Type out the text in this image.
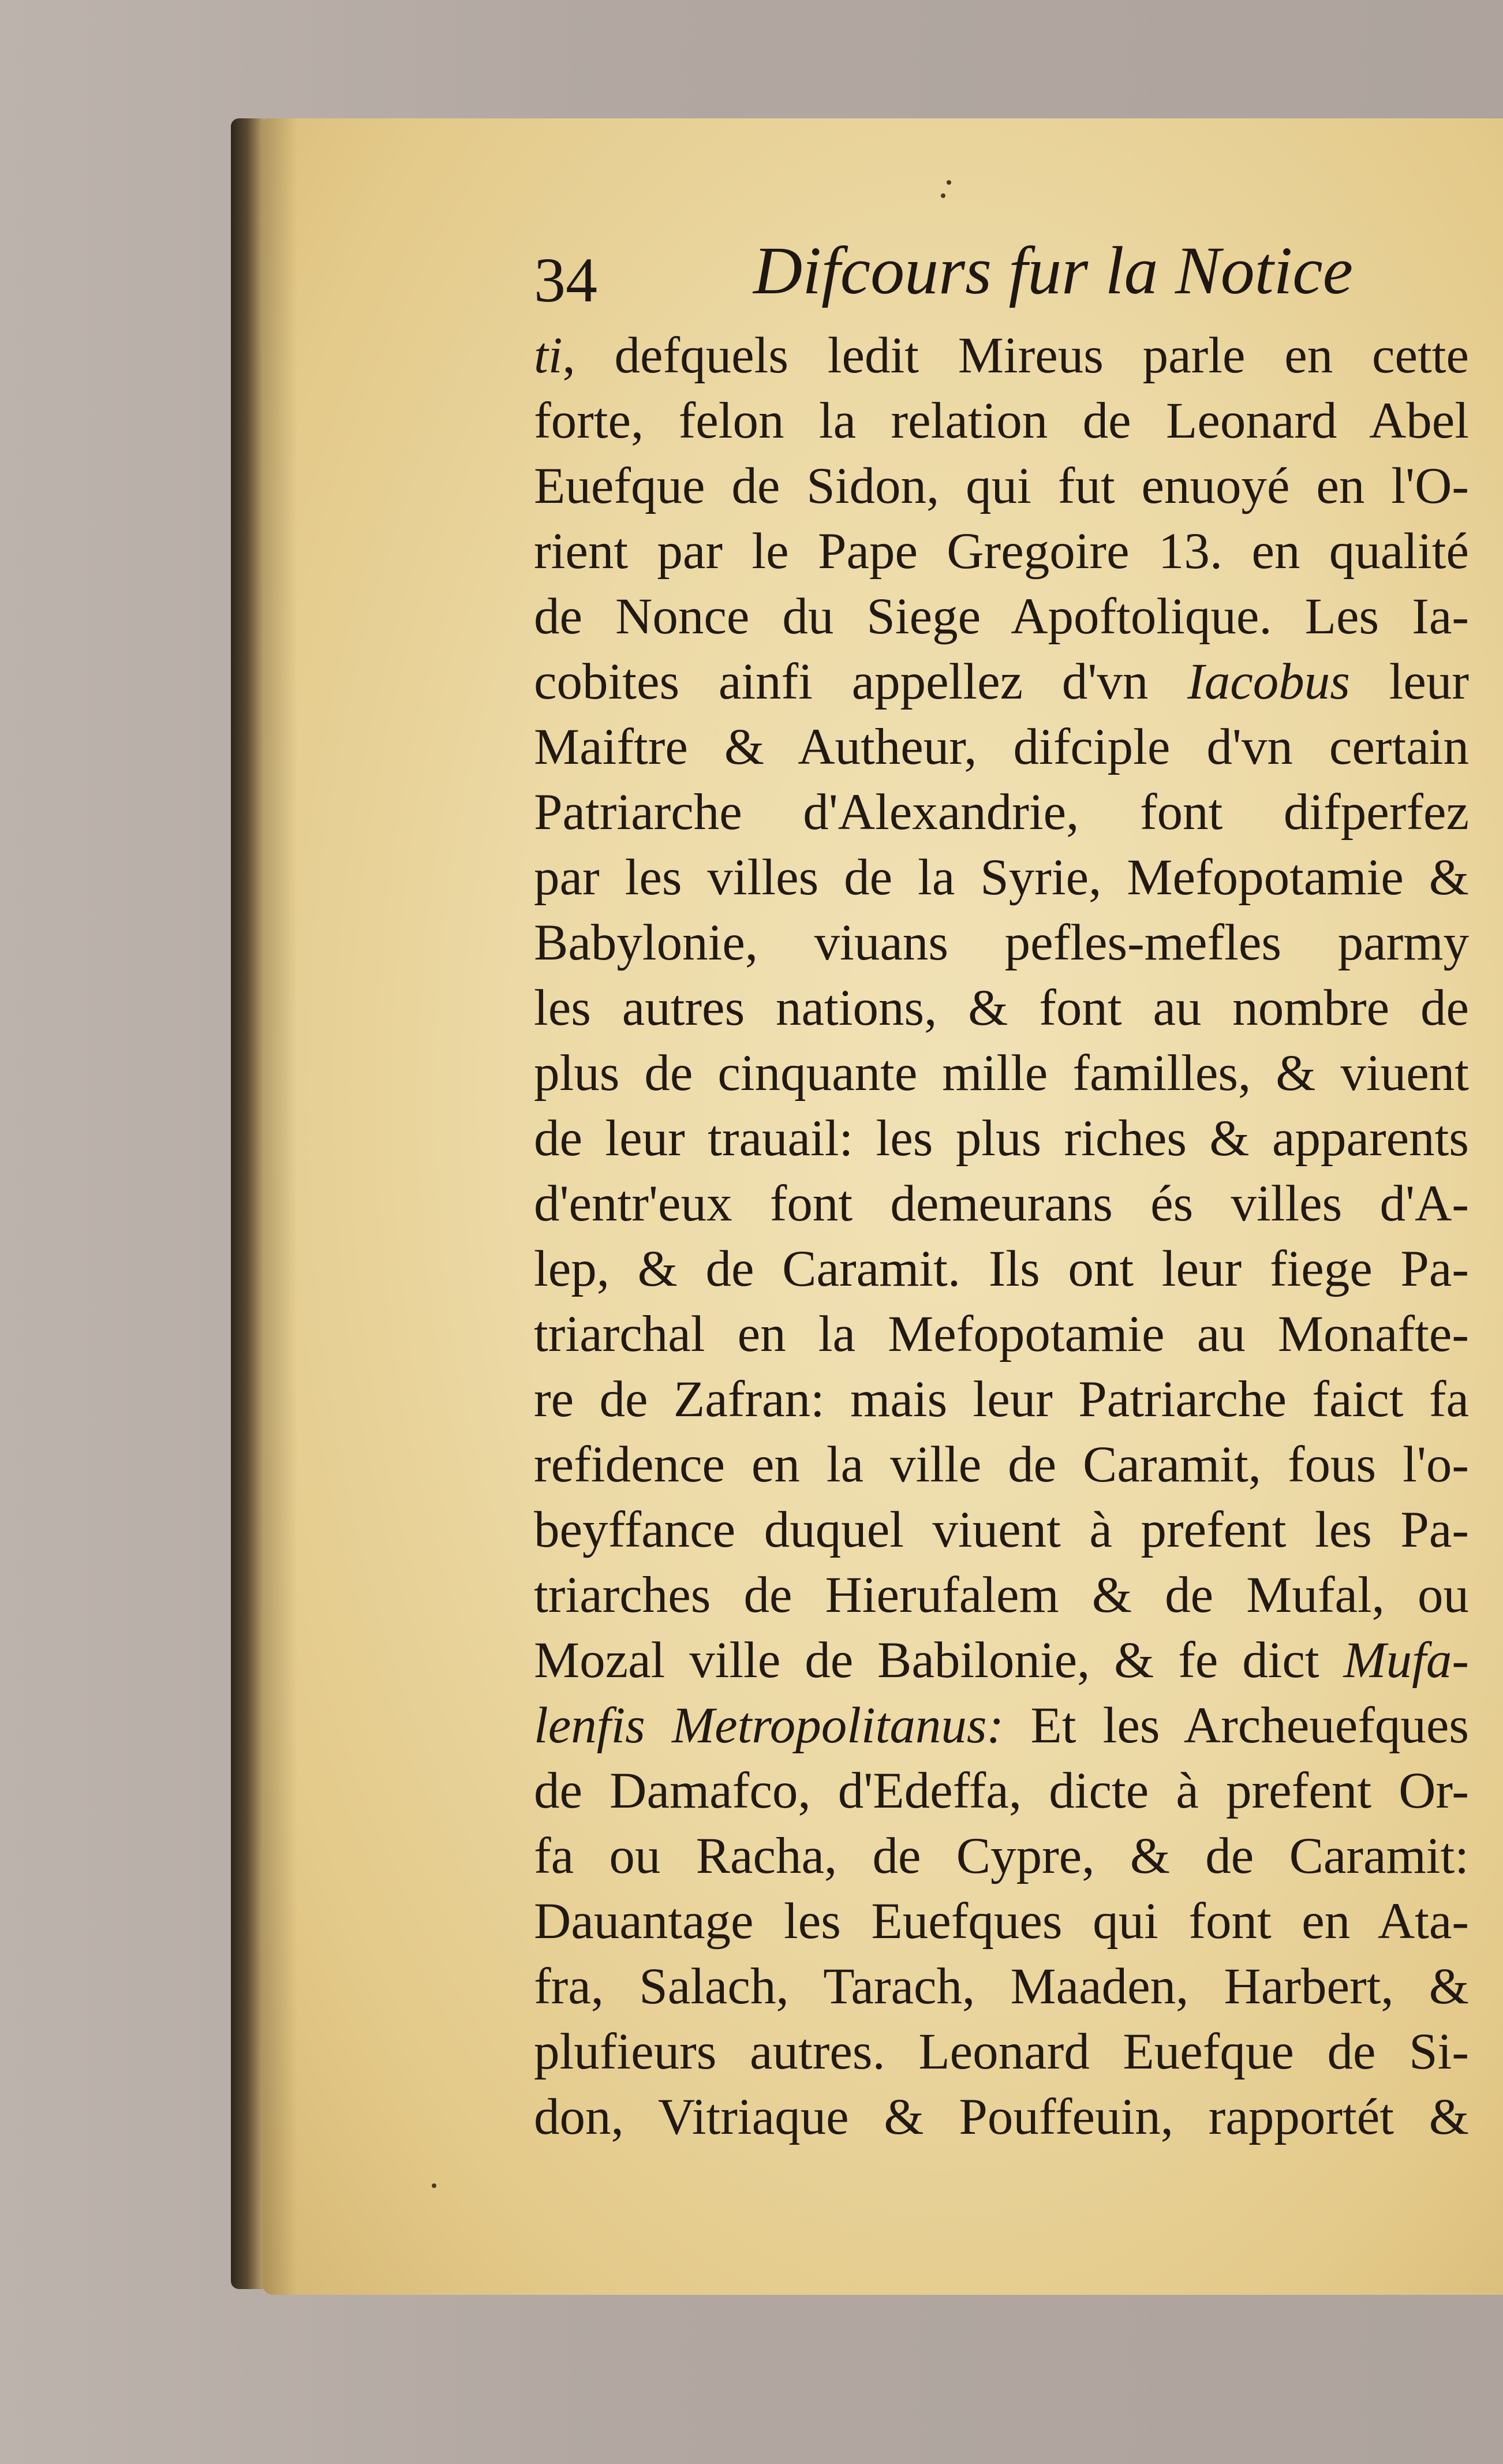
34 Difcours fur la Notice
ti, defquels ledit Mireus parle en cette
forte, felon la relation de Leonard Abel
Euefque de Sidon, qui fut enuoyé en l'O-
rient par le Pape Gregoire 13. en qualité
de Nonce du Siege Apoftolique. Les Ia-
cobites ainfi appellez d'vn Iacobus leur
Maiftre & Autheur, difciple d'vn certain
Patriarche d'Alexandrie, font difperfez
par les villes de la Syrie, Mefopotamie &
Babylonie, viuans pefles-mefles parmy
les autres nations, & font au nombre de
plus de cinquante mille familles, & viuent
de leur trauail: les plus riches & apparents
d'entr'eux font demeurans és villes d'A-
lep, & de Caramit. Ils ont leur fiege Pa-
triarchal en la Mefopotamie au Monafte-
re de Zafran: mais leur Patriarche faict fa
refidence en la ville de Caramit, fous l'o-
beyffance duquel viuent à prefent les Pa-
triarches de Hierufalem & de Mufal, ou
Mozal ville de Babilonie, & fe dict Mufa-
lenfis Metropolitanus: Et les Archeuefques
de Damafco, d'Edeffa, dicte à prefent Or-
fa ou Racha, de Cypre, & de Caramit:
Dauantage les Euefques qui font en Ata-
fra, Salach, Tarach, Maaden, Harbert, &
plufieurs autres. Leonard Euefque de Si-
don, Vitriaque & Pouffeuin, rapportét &
